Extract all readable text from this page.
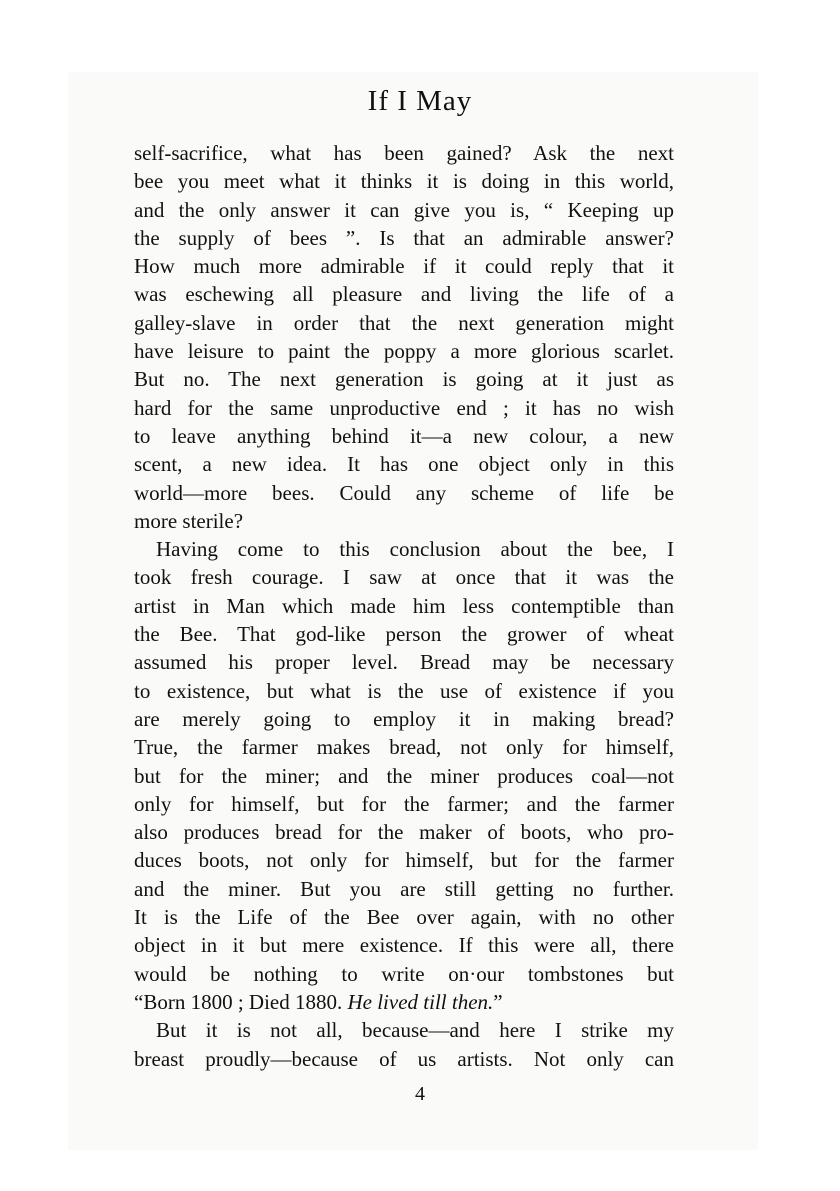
If I May
self-sacrifice, what has been gained? Ask the next
bee you meet what it thinks it is doing in this world,
and the only answer it can give you is, “ Keeping up
the supply of bees ”. Is that an admirable answer?
How much more admirable if it could reply that it
was eschewing all pleasure and living the life of a
galley-slave in order that the next generation might
have leisure to paint the poppy a more glorious scarlet.
But no. The next generation is going at it just as
hard for the same unproductive end ; it has no wish
to leave anything behind it—a new colour, a new
scent, a new idea. It has one object only in this
world—more bees. Could any scheme of life be
more sterile?
Having come to this conclusion about the bee, I
took fresh courage. I saw at once that it was the
artist in Man which made him less contemptible than
the Bee. That god-like person the grower of wheat
assumed his proper level. Bread may be necessary
to existence, but what is the use of existence if you
are merely going to employ it in making bread?
True, the farmer makes bread, not only for himself,
but for the miner; and the miner produces coal—not
only for himself, but for the farmer; and the farmer
also produces bread for the maker of boots, who pro-
duces boots, not only for himself, but for the farmer
and the miner. But you are still getting no further.
It is the Life of the Bee over again, with no other
object in it but mere existence. If this were all, there
would be nothing to write on·our tombstones but
“Born 1800 ; Died 1880. He lived till then.”
But it is not all, because—and here I strike my
breast proudly—because of us artists. Not only can
4
